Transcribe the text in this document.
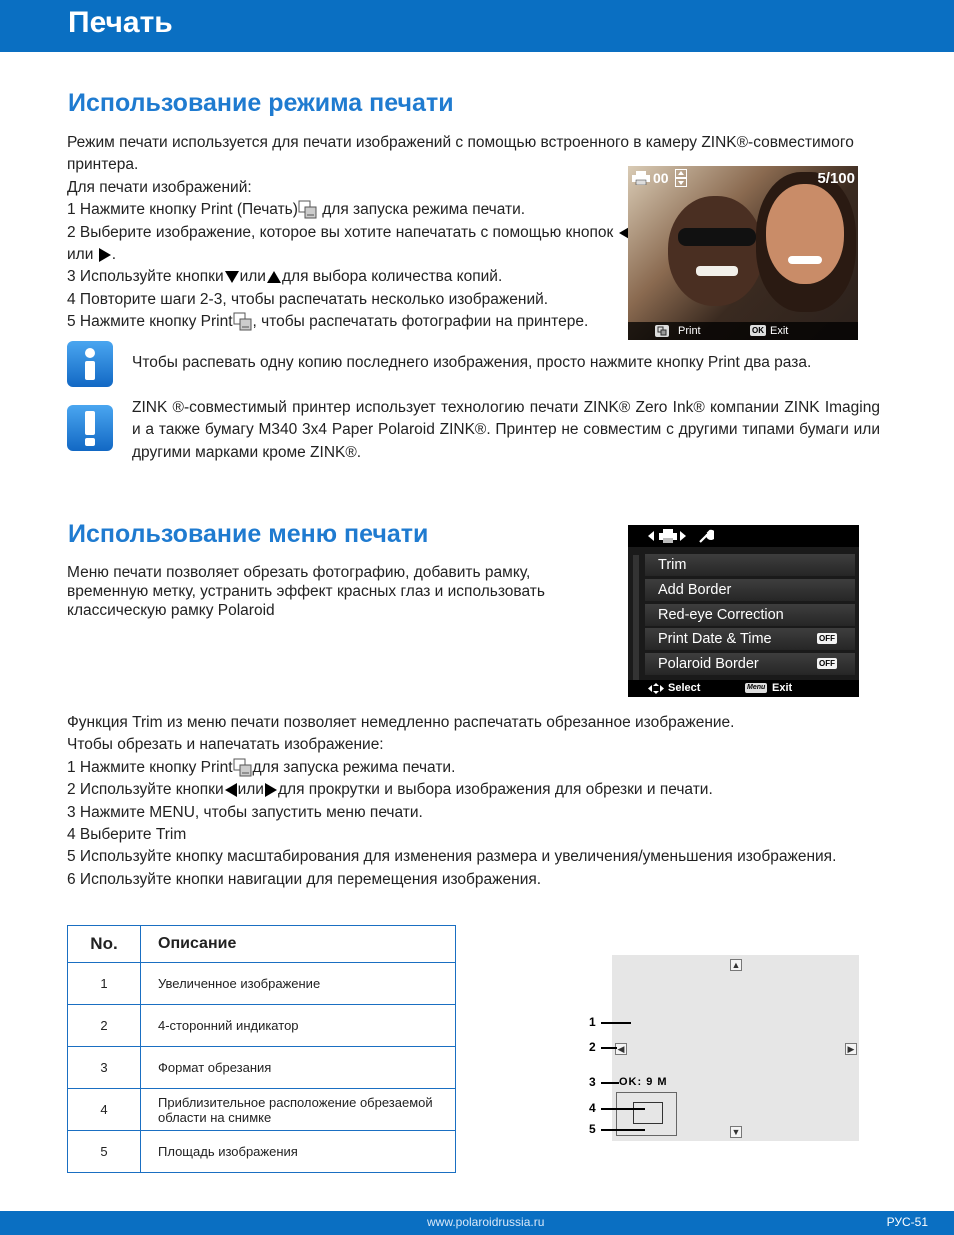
Печать
Использование режима печати
Режим печати используется для печати изображений с помощью встроенного в камеру ZINK®-совместимого
принтера.
Для печати изображений:
1 Нажмите кнопку Print (Печать) для запуска режима печати.
2 Выберите изображение, которое вы хотите напечатать с помощью кнопок
или .
3 Используйте кнопки или для выбора количества копий.
4 Повторите шаги 2-3, чтобы распечатать несколько изображений.
5 Нажмите кнопку Print , чтобы распечатать фотографии на принтере.
00	5/100
Print	OK Exit
Чтобы распевать одну копию последнего изображения, просто нажмите кнопку Print два раза.
ZINK ®-совместимый принтер использует технологию печати ZINK® Zero Ink® компании ZINK Imaging и а также бумагу M340 3x4 Paper Polaroid ZINK®. Принтер не совместим с другими типами бумаги или другими марками кроме ZINK®.
Использование меню печати
Меню печати позволяет обрезать фотографию, добавить рамку,
временную метку, устранить эффект красных глаз и использовать
классическую рамку Polaroid
Trim
Add Border
Red-eye Correction
Print Date & Time	OFF
Polaroid Border	OFF
Select	Menu Exit
Функция Trim из меню печати позволяет немедленно распечатать обрезанное изображение.
Чтобы обрезать и напечатать изображение:
1 Нажмите кнопку Print для запуска режима печати.
2 Используйте кнопки или для прокрутки и выбора изображения для обрезки и печати.
3 Нажмите MENU, чтобы запустить меню печати.
4 Выберите Trim
5 Используйте кнопку масштабирования для изменения размера и увеличения/уменьшения изображения.
6 Используйте кнопки навигации для перемещения изображения.
No.	Описание
1	Увеличенное изображение
2	4-сторонний индикатор
3	Формат обрезания
4	Приблизительное расположение обрезаемой области на снимке
5	Площадь изображения
▲
◀	▶
▼
OK: 9 M
1
2
3
4
5
www.polaroidrussia.ru	РУС-51
